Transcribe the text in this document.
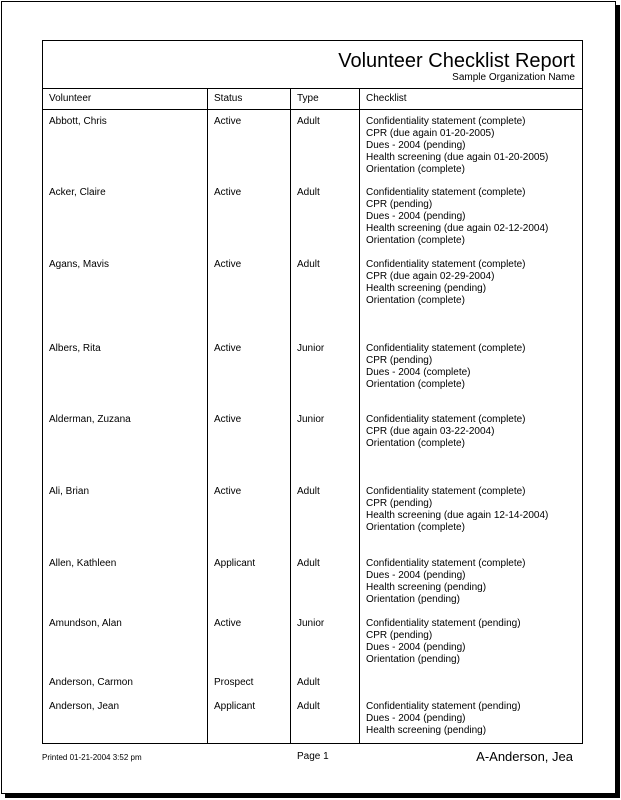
Volunteer Checklist Report
Sample Organization Name
Volunteer	Status	Type	Checklist
Abbott, Chris	Active	Adult	Confidentiality statement (complete)
CPR (due again 01-20-2005)
Dues - 2004 (pending)
Health screening (due again 01-20-2005)
Orientation (complete)
Acker, Claire	Active	Adult	Confidentiality statement (complete)
CPR (pending)
Dues - 2004 (pending)
Health screening (due again 02-12-2004)
Orientation (complete)
Agans, Mavis	Active	Adult	Confidentiality statement (complete)
CPR (due again 02-29-2004)
Health screening (pending)
Orientation (complete)
Albers, Rita	Active	Junior	Confidentiality statement (complete)
CPR (pending)
Dues - 2004 (complete)
Orientation (complete)
Alderman, Zuzana	Active	Junior	Confidentiality statement (complete)
CPR (due again 03-22-2004)
Orientation (complete)
Ali, Brian	Active	Adult	Confidentiality statement (complete)
CPR (pending)
Health screening (due again 12-14-2004)
Orientation (complete)
Allen, Kathleen	Applicant	Adult	Confidentiality statement (complete)
Dues - 2004 (pending)
Health screening (pending)
Orientation (pending)
Amundson, Alan	Active	Junior	Confidentiality statement (pending)
CPR (pending)
Dues - 2004 (pending)
Orientation (pending)
Anderson, Carmon	Prospect	Adult
Anderson, Jean	Applicant	Adult	Confidentiality statement (pending)
Dues - 2004 (pending)
Health screening (pending)
Printed 01-21-2004 3:52 pm	Page 1	A-Anderson, Jea
